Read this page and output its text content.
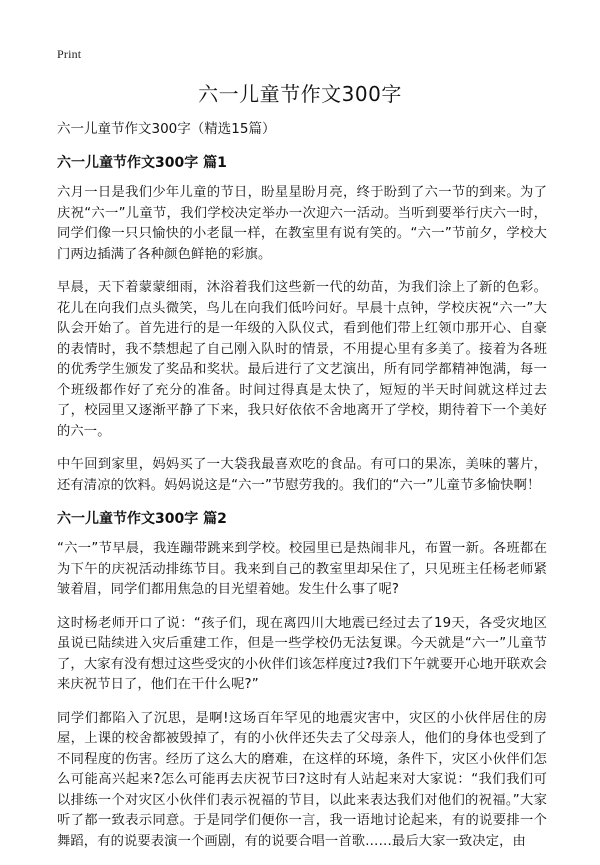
Print
六一儿童节作文300字

六一儿童节作文300字（精选15篇）

六一儿童节作文300字 篇1

六月一日是我们少年儿童的节日，盼星星盼月亮，终于盼到了六一节的到来。为了庆祝“六一”儿童节，我们学校决定举办一次迎六一活动。当听到要举行庆六一时，同学们像一只只愉快的小老鼠一样，在教室里有说有笑的。“六一”节前夕，学校大门两边插满了各种颜色鲜艳的彩旗。

早晨，天下着蒙蒙细雨，沐浴着我们这些新一代的幼苗，为我们涂上了新的色彩。花儿在向我们点头微笑，鸟儿在向我们低吟问好。早晨十点钟，学校庆祝“六一”大队会开始了。首先进行的是一年级的入队仪式，看到他们带上红领巾那开心、自豪的表情时，我不禁想起了自己刚入队时的情景，不用提心里有多美了。接着为各班的优秀学生颁发了奖品和奖状。最后进行了文艺演出，所有同学都精神饱满，每一个班级都作好了充分的准备。时间过得真是太快了，短短的半天时间就这样过去了，校园里又逐渐平静了下来，我只好依依不舍地离开了学校，期待着下一个美好的六一。

中午回到家里，妈妈买了一大袋我最喜欢吃的食品。有可口的果冻，美味的薯片，还有清凉的饮料。妈妈说这是“六一”节慰劳我的。我们的“六一”儿童节多愉快啊！

六一儿童节作文300字 篇2

“六一”节早晨，我连蹦带跳来到学校。校园里已是热闹非凡，布置一新。各班都在为下午的庆祝活动排练节目。我来到自己的教室里却呆住了，只见班主任杨老师紧皱着眉，同学们都用焦急的目光望着她。发生什么事了呢?

这时杨老师开口了说：“孩子们，现在离四川大地震已经过去了19天，各受灾地区虽说已陆续进入灾后重建工作，但是一些学校仍无法复课。今天就是“六一”儿童节了，大家有没有想过这些受灾的小伙伴们该怎样度过?我们下午就要开心地开联欢会来庆祝节日了，他们在干什么呢?”

同学们都陷入了沉思，是啊!这场百年罕见的地震灾害中，灾区的小伙伴居住的房屋，上课的校舍都被毁掉了，有的小伙伴还失去了父母亲人，他们的身体也受到了不同程度的伤害。经历了这么大的磨难，在这样的环境，条件下，灾区小伙伴们怎么可能高兴起来?怎么可能再去庆祝节曰?这时有人站起来对大家说：“我们我们可以排练一个对灾区小伙伴们表示祝福的节目，以此来表达我们对他们的祝福。”大家听了都一致表示同意。于是同学们便你一言，我一语地讨论起来，有的说要排一个舞蹈，有的说要表演一个画剧，有的说要合唱一首歌……最后大家一致决定，由
